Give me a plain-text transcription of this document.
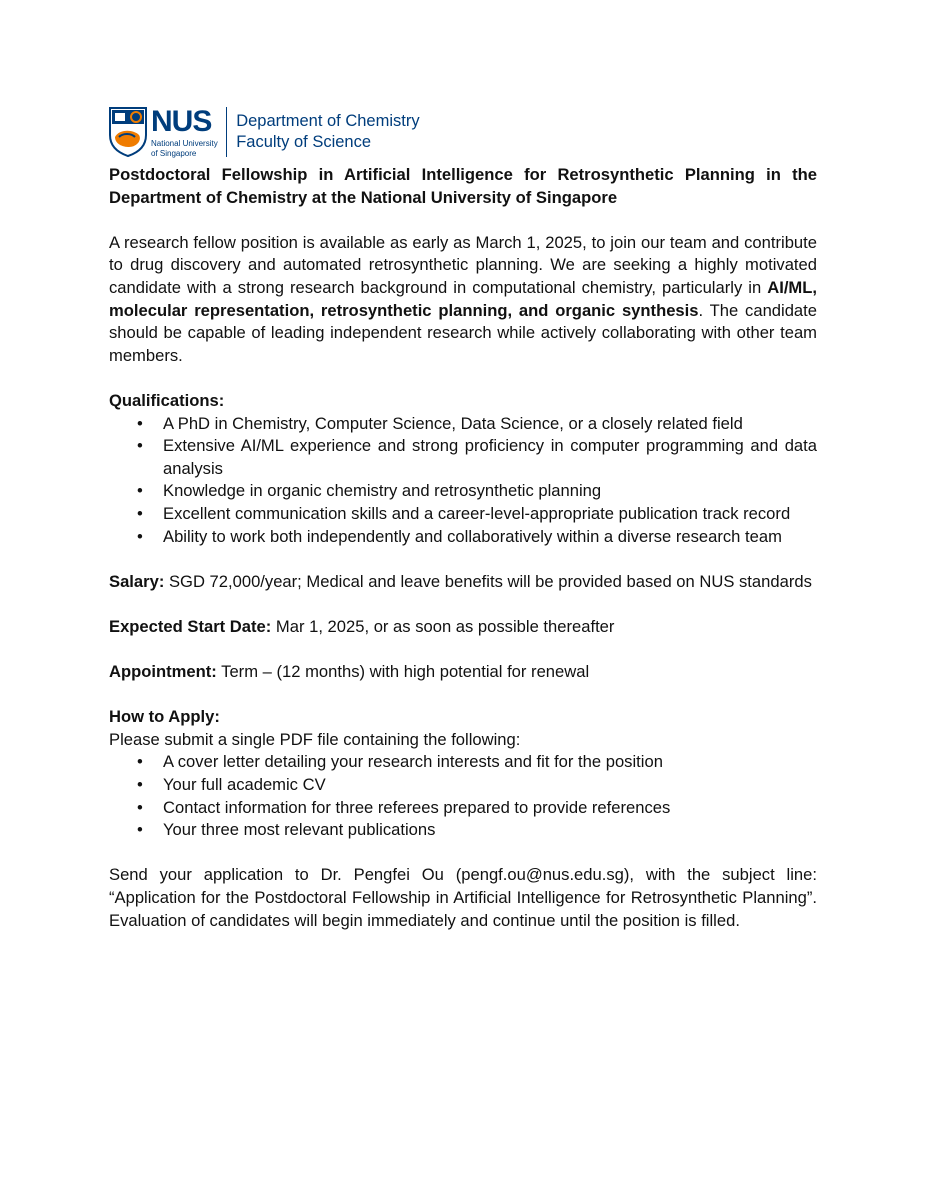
NUS
National University
of Singapore
Department of Chemistry
Faculty of Science

Postdoctoral Fellowship in Artificial Intelligence for Retrosynthetic Planning in the Department of Chemistry at the National University of Singapore

A research fellow position is available as early as March 1, 2025, to join our team and contribute to drug discovery and automated retrosynthetic planning. We are seeking a highly motivated candidate with a strong research background in computational chemistry, particularly in AI/ML, molecular representation, retrosynthetic planning, and organic synthesis. The candidate should be capable of leading independent research while actively collaborating with other team members.

Qualifications:

• A PhD in Chemistry, Computer Science, Data Science, or a closely related field
• Extensive AI/ML experience and strong proficiency in computer programming and data analysis
• Knowledge in organic chemistry and retrosynthetic planning
• Excellent communication skills and a career-level-appropriate publication track record
• Ability to work both independently and collaboratively within a diverse research team

Salary: SGD 72,000/year; Medical and leave benefits will be provided based on NUS standards

Expected Start Date: Mar 1, 2025, or as soon as possible thereafter

Appointment: Term – (12 months) with high potential for renewal

How to Apply:

Please submit a single PDF file containing the following:

• A cover letter detailing your research interests and fit for the position
• Your full academic CV
• Contact information for three referees prepared to provide references
• Your three most relevant publications

Send your application to Dr. Pengfei Ou (pengf.ou@nus.edu.sg), with the subject line: “Application for the Postdoctoral Fellowship in Artificial Intelligence for Retrosynthetic Planning”. Evaluation of candidates will begin immediately and continue until the position is filled.
